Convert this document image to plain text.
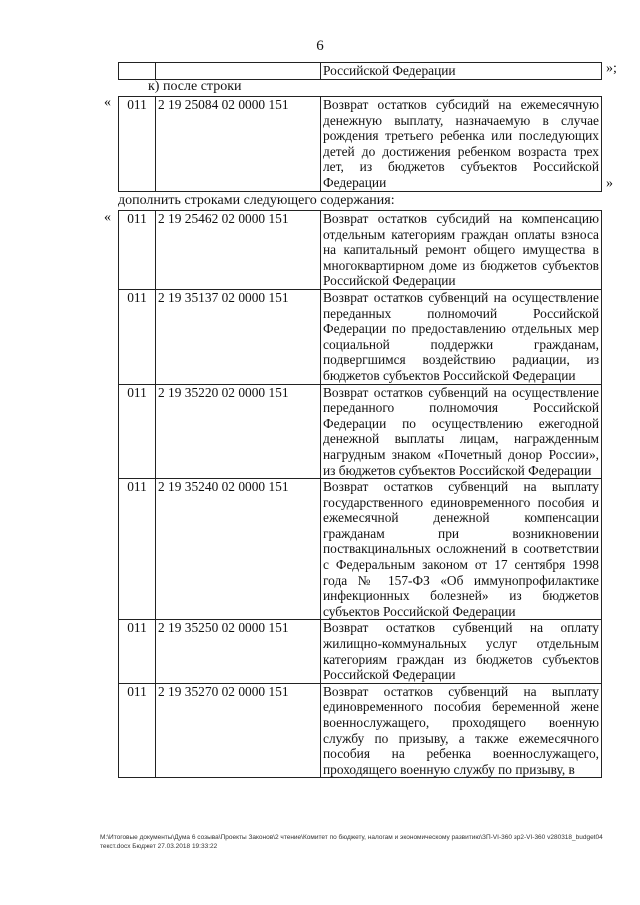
6
		Российской Федерации	»;
к) после строки
« 011	2 19 25084 02 0000 151	Возврат остатков субсидий на ежемесячную денежную выплату, назначаемую в случае рождения третьего ребенка или последующих детей до достижения ребенком возраста трех лет, из бюджетов субъектов Российской Федерации	»
дополнить строками следующего содержания:
« 011	2 19 25462 02 0000 151	Возврат остатков субсидий на компенсацию отдельным категориям граждан оплаты взноса на капитальный ремонт общего имущества в многоквартирном доме из бюджетов субъектов Российской Федерации
011	2 19 35137 02 0000 151	Возврат остатков субвенций на осуществление переданных полномочий Российской Федерации по предоставлению отдельных мер социальной поддержки гражданам, подвергшимся воздействию радиации, из бюджетов субъектов Российской Федерации
011	2 19 35220 02 0000 151	Возврат остатков субвенций на осуществление переданного полномочия Российской Федерации по осуществлению ежегодной денежной выплаты лицам, награжденным нагрудным знаком «Почетный донор России», из бюджетов субъектов Российской Федерации
011	2 19 35240 02 0000 151	Возврат остатков субвенций на выплату государственного единовременного пособия и ежемесячной денежной компенсации гражданам при возникновении поствакцинальных осложнений в соответствии с Федеральным законом от 17 сентября 1998 года № 157-ФЗ «Об иммунопрофилактике инфекционных болезней» из бюджетов субъектов Российской Федерации
011	2 19 35250 02 0000 151	Возврат остатков субвенций на оплату жилищно-коммунальных услуг отдельным категориям граждан из бюджетов субъектов Российской Федерации
011	2 19 35270 02 0000 151	Возврат остатков субвенций на выплату единовременного пособия беременной жене военнослужащего, проходящего военную службу по призыву, а также ежемесячного пособия на ребенка военнослужащего, проходящего военную службу по призыву, в
М:\Итоговые документы\Дума 6 созыва\Проекты Законов\2 чтение\Комитет по бюджету, налогам и экономическому развитию\ЗП-VI-360 зр2-VI-360 v280318_budget04 текст.docx Бюджет 27.03.2018 19:33:22
